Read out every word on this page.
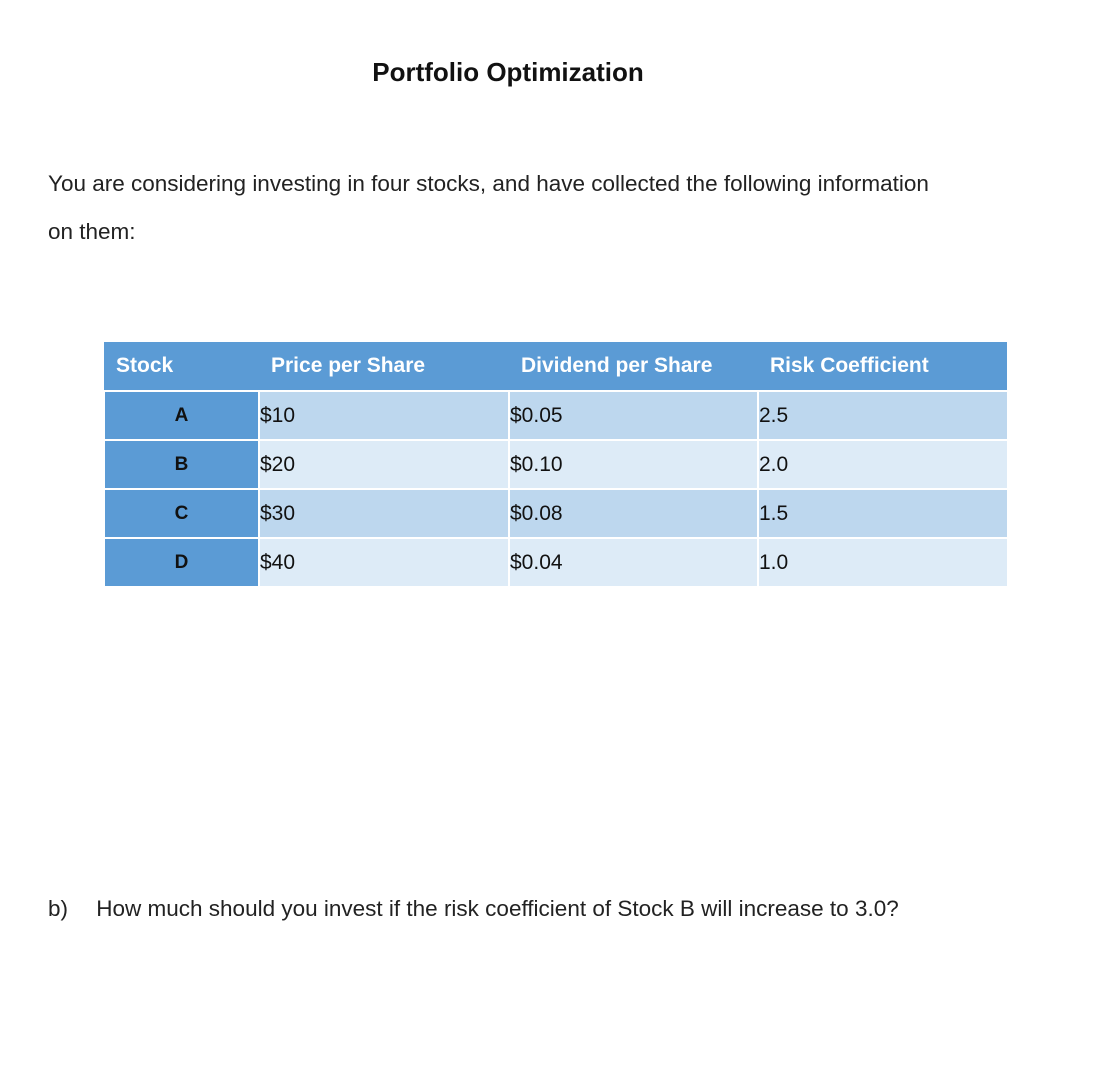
Portfolio Optimization
You are considering investing in four stocks, and have collected the following information
on them:
Stock	Price per Share	Dividend per Share	Risk Coefficient
A	$10	$0.05	2.5
B	$20	$0.10	2.0
C	$30	$0.08	1.5
D	$40	$0.04	1.0
b) How much should you invest if the risk coefficient of Stock B will increase to 3.0?
